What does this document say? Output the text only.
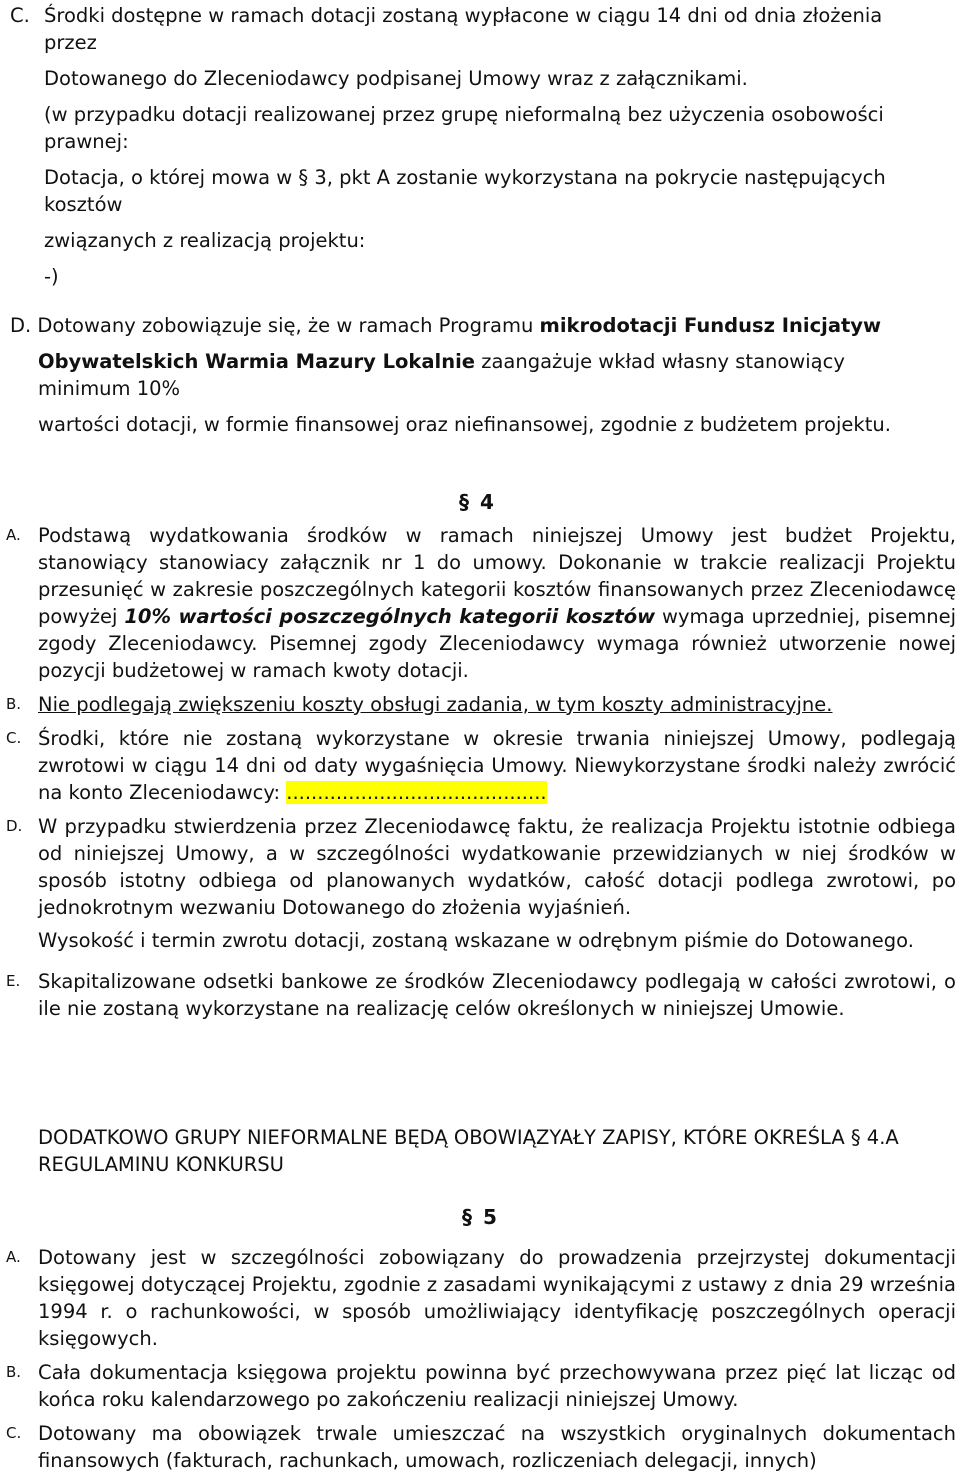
C. Środki dostępne w ramach dotacji zostaną wypłacone w ciągu 14 dni od dnia złożenia
przez
Dotowanego do Zleceniodawcy podpisanej Umowy wraz z załącznikami.
(w przypadku dotacji realizowanej przez grupę nieformalną bez użyczenia osobowości
prawnej:
Dotacja, o której mowa w § 3, pkt A zostanie wykorzystana na pokrycie następujących
kosztów
związanych z realizacją projektu:
-)
D. Dotowany zobowiązuje się, że w ramach Programu mikrodotacji Fundusz Inicjatyw
Obywatelskich Warmia Mazury Lokalnie zaangażuje wkład własny stanowiący
minimum 10%
wartości dotacji, w formie finansowej oraz niefinansowej, zgodnie z budżetem projektu.
§ 4
A. Podstawą wydatkowania środków w ramach niniejszej Umowy jest budżet Projektu, stanowiący stanowiacy załącznik nr 1 do umowy. Dokonanie w trakcie realizacji Projektu przesunięć w zakresie poszczególnych kategorii kosztów finansowanych przez Zleceniodawcę powyżej 10% wartości poszczególnych kategorii kosztów wymaga uprzedniej, pisemnej zgody Zleceniodawcy. Pisemnej zgody Zleceniodawcy wymaga również utworzenie nowej pozycji budżetowej w ramach kwoty dotacji.
B. Nie podlegają zwiększeniu koszty obsługi zadania, w tym koszty administracyjne.
C. Środki, które nie zostaną wykorzystane w okresie trwania niniejszej Umowy, podlegają zwrotowi w ciągu 14 dni od daty wygaśnięcia Umowy. Niewykorzystane środki należy zwrócić na konto Zleceniodawcy: ..........................................
D. W przypadku stwierdzenia przez Zleceniodawcę faktu, że realizacja Projektu istotnie odbiega od niniejszej Umowy, a w szczególności wydatkowanie przewidzianych w niej środków w sposób istotny odbiega od planowanych wydatków, całość dotacji podlega zwrotowi, po jednokrotnym wezwaniu Dotowanego do złożenia wyjaśnień.
Wysokość i termin zwrotu dotacji, zostaną wskazane w odrębnym piśmie do Dotowanego.
E. Skapitalizowane odsetki bankowe ze środków Zleceniodawcy podlegają w całości zwrotowi, o ile nie zostaną wykorzystane na realizację celów określonych w niniejszej Umowie.
DODATKOWO GRUPY NIEFORMALNE BĘDĄ OBOWIĄZYAŁY ZAPISY, KTÓRE OKREŚLA § 4.A REGULAMINU KONKURSU
§ 5
A. Dotowany jest w szczególności zobowiązany do prowadzenia przejrzystej dokumentacji księgowej dotyczącej Projektu, zgodnie z zasadami wynikającymi z ustawy z dnia 29 września 1994 r. o rachunkowości, w sposób umożliwiający identyfikację poszczególnych operacji księgowych.
B. Cała dokumentacja księgowa projektu powinna być przechowywana przez pięć lat licząc od końca roku kalendarzowego po zakończeniu realizacji niniejszej Umowy.
C. Dotowany ma obowiązek trwale umieszczać na wszystkich oryginalnych dokumentach finansowych (fakturach, rachunkach, umowach, rozliczeniach delegacji, innych)
